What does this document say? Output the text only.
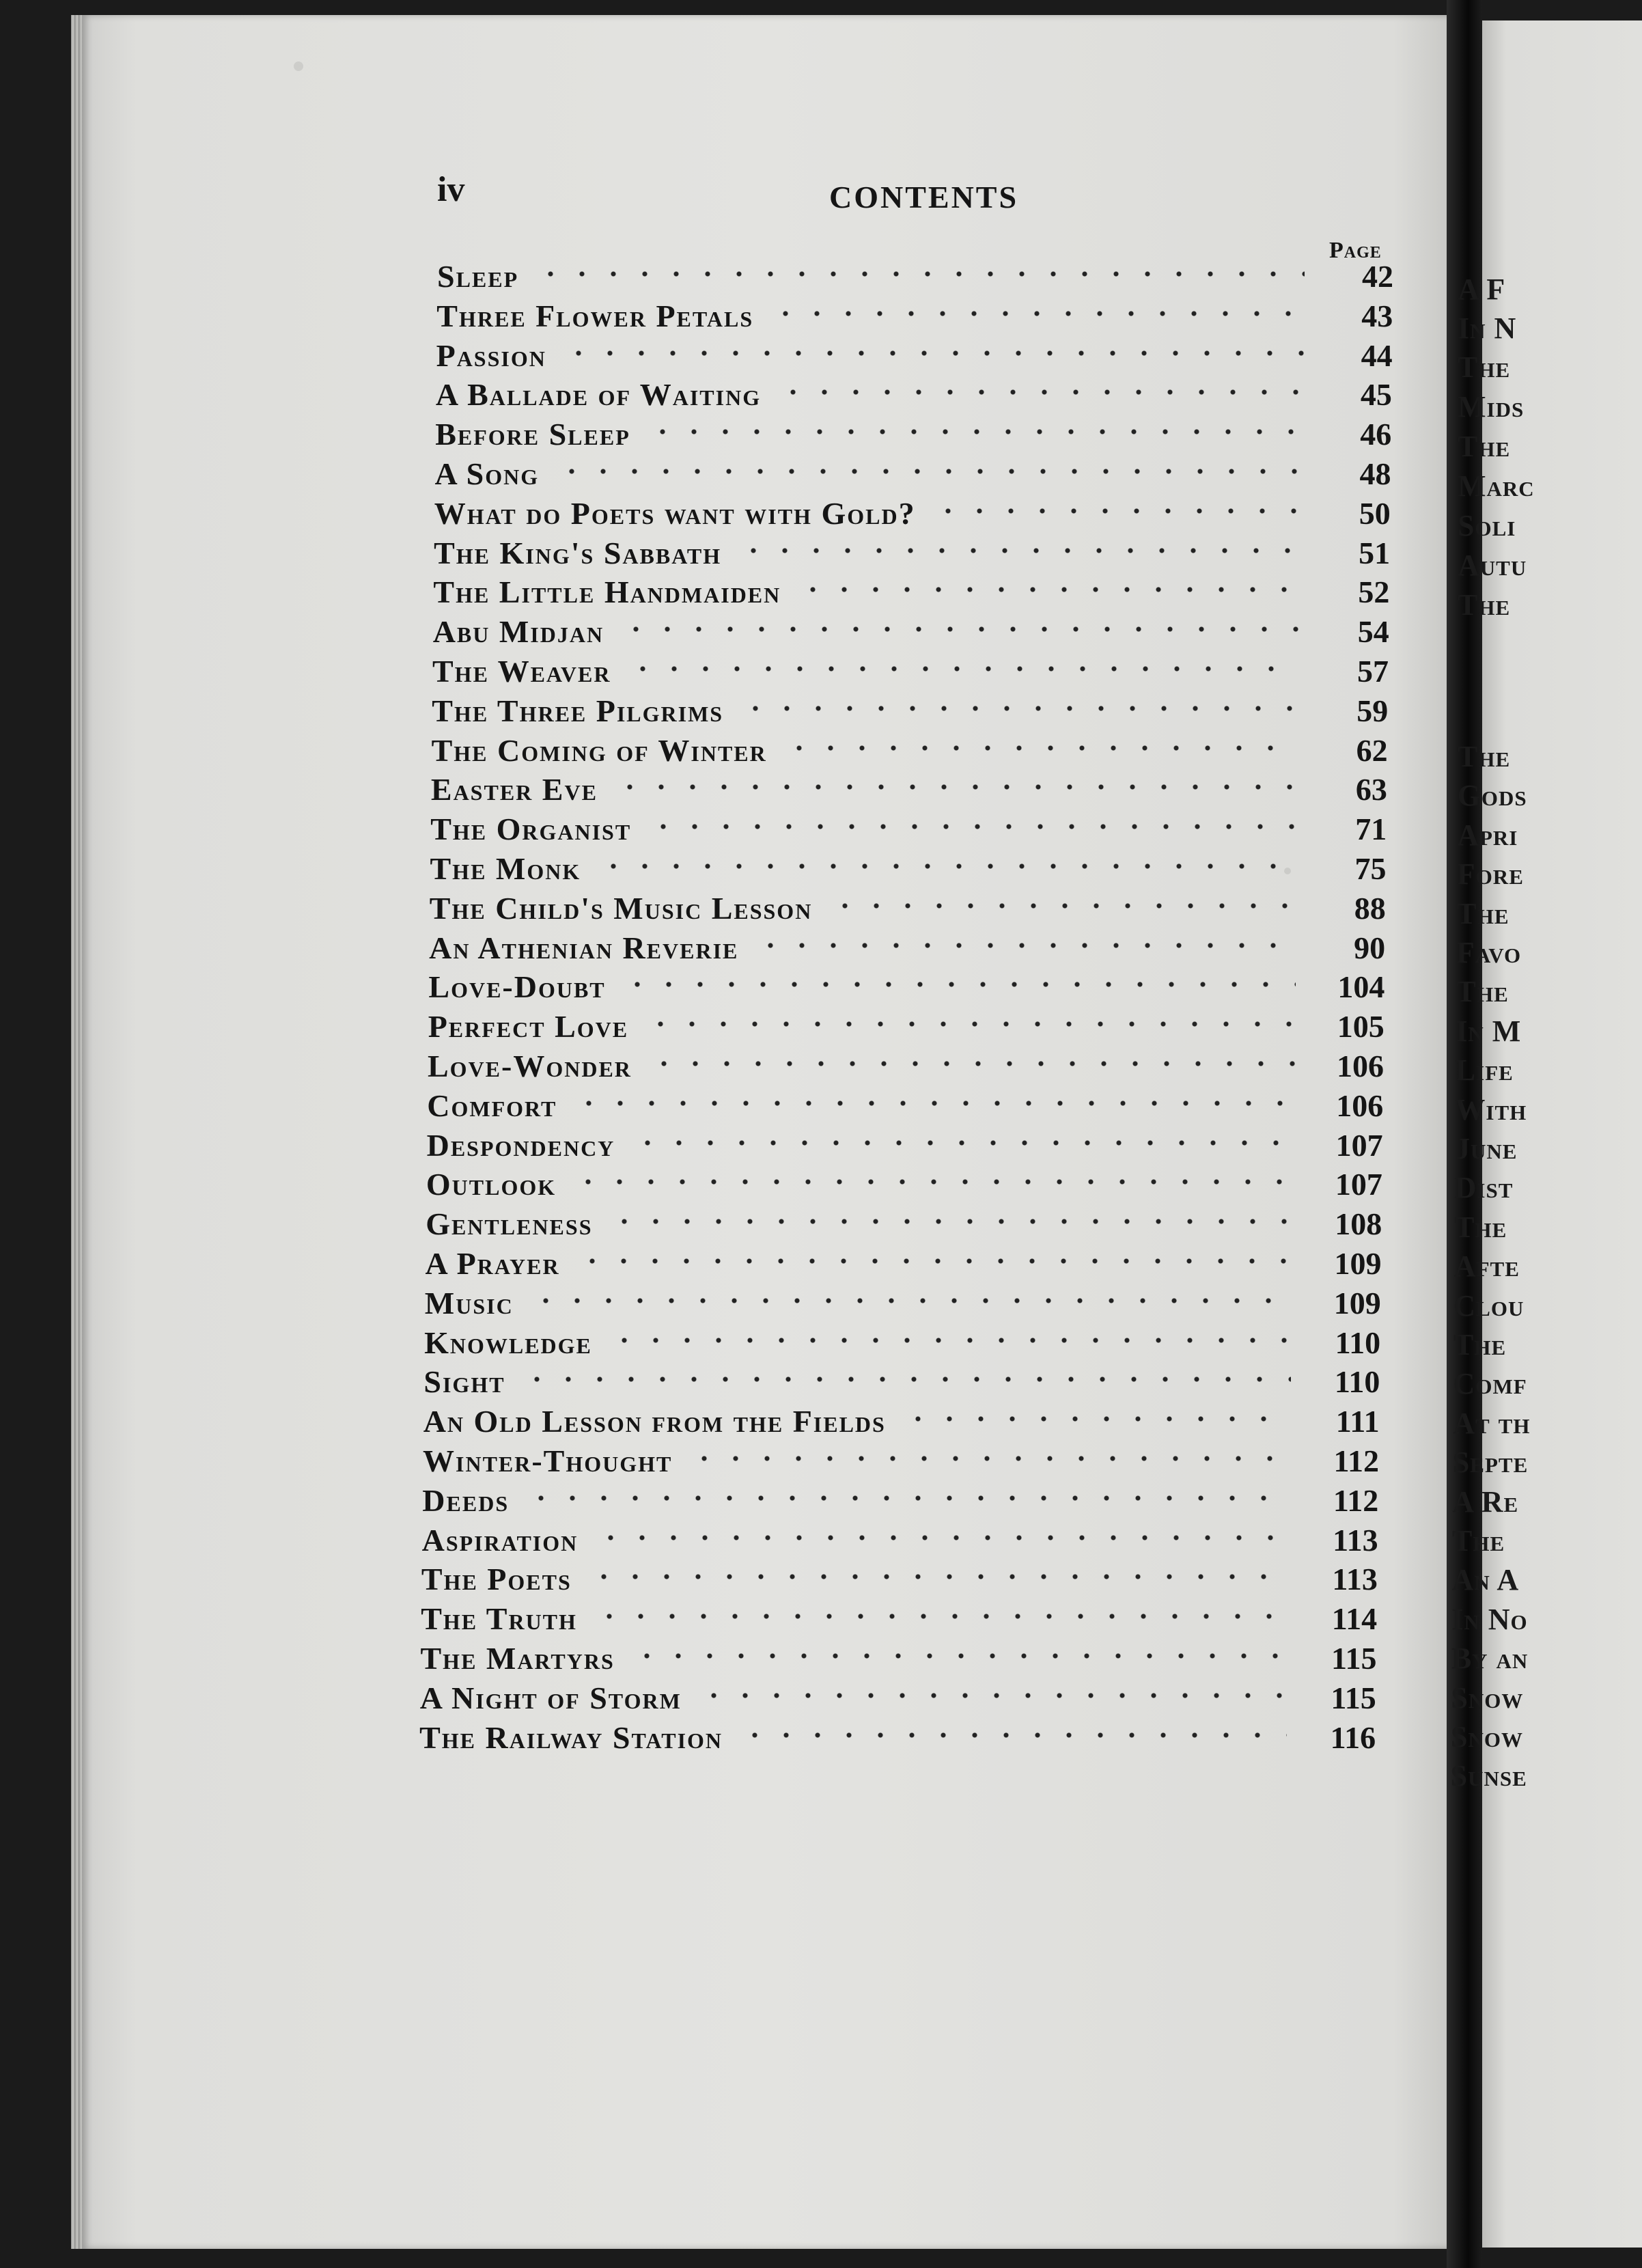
A F
In N
The
Mids
The
Marc
Soli
Autu
The
The
Gods
Apri
Fore
The
Favo
The
In M
Life
With
June
Dist
The
Afte
Clou
The
Comf
At th
Septe
A Re
The
An A
In No
By an
Snow
Snow
Sunse
iv	CONTENTS
Page
Sleep	42
Three Flower Petals	43
Passion	44
A Ballade of Waiting	45
Before Sleep	46
A Song	48
What do Poets want with Gold?	50
The King's Sabbath	51
The Little Handmaiden	52
Abu Midjan	54
The Weaver	57
The Three Pilgrims	59
The Coming of Winter	62
Easter Eve	63
The Organist	71
The Monk	75
The Child's Music Lesson	88
An Athenian Reverie	90
Love-Doubt	104
Perfect Love	105
Love-Wonder	106
Comfort	106
Despondency	107
Outlook	107
Gentleness	108
A Prayer	109
Music	109
Knowledge	110
Sight	110
An Old Lesson from the Fields	111
Winter-Thought	112
Deeds	112
Aspiration	113
The Poets	113
The Truth	114
The Martyrs	115
A Night of Storm	115
The Railway Station	116
